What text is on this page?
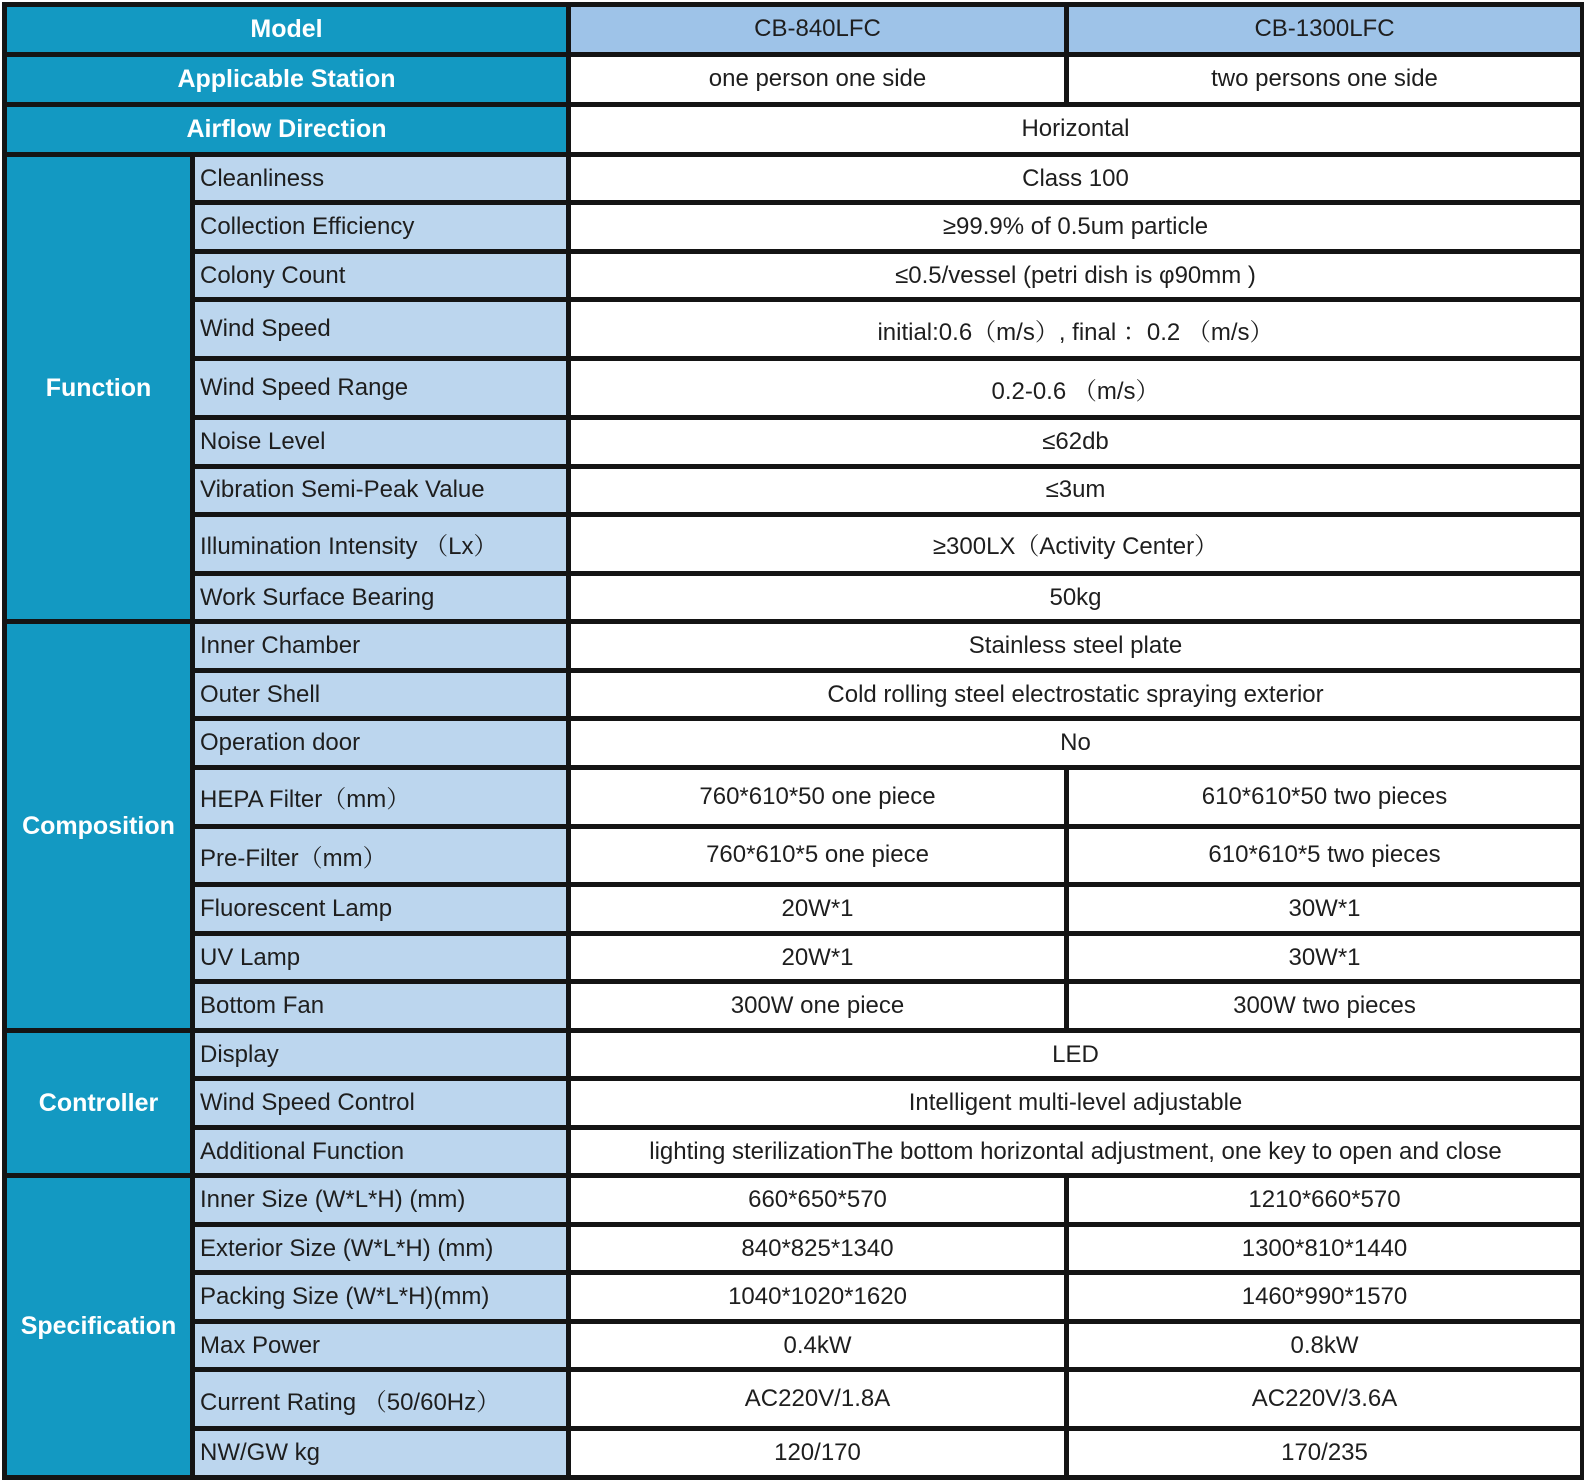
Model		CB-840LFC	CB-1300LFC
Applicable Station		one person one side	two persons one side
Airflow Direction		Horizontal	
Function	Cleanliness	Class 100	
	Collection Efficiency	≥99.9% of 0.5um particle	
	Colony Count	≤0.5/vessel (petri dish is φ90mm )	
	Wind Speed	initial:0.6（m/s）, final ：0.2 （m/s）	
	Wind Speed Range	0.2-0.6 （m/s）	
	Noise Level	≤62db	
	Vibration Semi-Peak Value	≤3um	
	Illumination Intensity （Lx）	≥300LX（Activity Center）	
	Work Surface Bearing	50kg	
Composition	Inner Chamber	Stainless steel plate	
	Outer Shell	Cold rolling steel electrostatic spraying exterior	
	Operation door	No	
	HEPA Filter（mm）	760*610*50 one piece	610*610*50 two pieces
	Pre-Filter（mm）	760*610*5 one piece	610*610*5 two pieces
	Fluorescent Lamp	20W*1	30W*1
	UV Lamp	20W*1	30W*1
	Bottom Fan	300W one piece	300W two pieces
Controller	Display	LED	
	Wind Speed Control	Intelligent multi-level adjustable	
	Additional Function	lighting sterilizationThe bottom horizontal adjustment, one key to open and close	
Specification	Inner Size (W*L*H) (mm)	660*650*570	1210*660*570
	Exterior Size (W*L*H) (mm)	840*825*1340	1300*810*1440
	Packing Size (W*L*H)(mm)	1040*1020*1620	1460*990*1570
	Max Power	0.4kW	0.8kW
	Current Rating （50/60Hz）	AC220V/1.8A	AC220V/3.6A
	NW/GW kg	120/170	170/235
